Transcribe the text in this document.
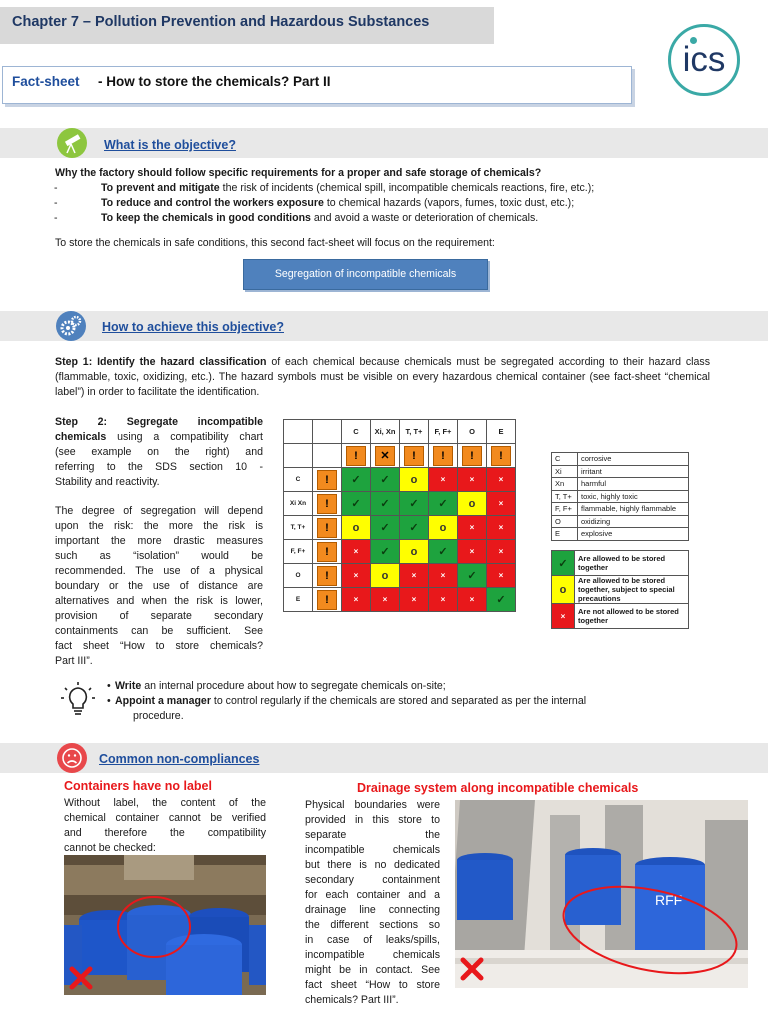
Chapter 7 – Pollution Prevention and Hazardous Substances
ics
Fact-sheet - How to store the chemicals? Part II
What is the objective?
Why the factory should follow specific requirements for a proper and safe storage of chemicals?
-	To prevent and mitigate the risk of incidents (chemical spill, incompatible chemicals reactions, fire, etc.);
-	To reduce and control the workers exposure to chemical hazards (vapors, fumes, toxic dust, etc.);
-	To keep the chemicals in good conditions and avoid a waste or deterioration of chemicals.
To store the chemicals in safe conditions, this second fact-sheet will focus on the requirement:
Segregation of incompatible chemicals
How to achieve this objective?
Step 1: Identify the hazard classification of each chemical because chemicals must be segregated according to their hazard class (flammable, toxic, oxidizing, etc.). The hazard symbols must be visible on every hazardous chemical container (see fact-sheet “chemical label”) in order to facilitate the identification.
Step 2: Segregate incompatible
chemicals using a compatibility chart
(see example on the right) and
referring to the SDS section 10 -
Stability and reactivity.
The degree of segregation will depend
upon the risk: the more the risk is
important the more drastic measures
such as “isolation” would be
recommended. The use of a physical
boundary or the use of distance are
alternatives and when the risk is lower,
provision of separate secondary
containments can be sufficient. See
fact sheet “How to store chemicals?
Part III”.
		C	Xi, Xn	T, T+	F, F+	O	E
		!	✕	!	!	!	!
C	!	✓	✓	o	×	×	×
Xi Xn	!	✓	✓	✓	✓	o	×
T, T+	!	o	✓	✓	o	×	×
F, F+	!	×	✓	o	✓	×	×
O	!	×	o	×	×	✓	×
E	!	×	×	×	×	×	✓
C	corrosive
Xi	irritant
Xn	harmful
T, T+	toxic, highly toxic
F, F+	flammable, highly flammable
O	oxidizing
E	explosive
✓	Are allowed to be stored together
o	Are allowed to be stored together, subject to special precautions
×	Are not allowed to be stored together
• Write an internal procedure about how to segregate chemicals on-site;
• Appoint a manager to control regularly if the chemicals are stored and separated as per the internal
procedure.
Common non-compliances
Containers have no label
Without label, the content of the
chemical container cannot be verified
and therefore the compatibility
cannot be checked:
Drainage system along incompatible chemicals
Physical boundaries were
provided in this store to
separate the
incompatible chemicals
but there is no dedicated
secondary containment
for each container and a
drainage line connecting
the different sections so
in case of leaks/spills,
incompatible chemicals
might be in contact. See
fact sheet “How to store
chemicals? Part III”.
RFF
